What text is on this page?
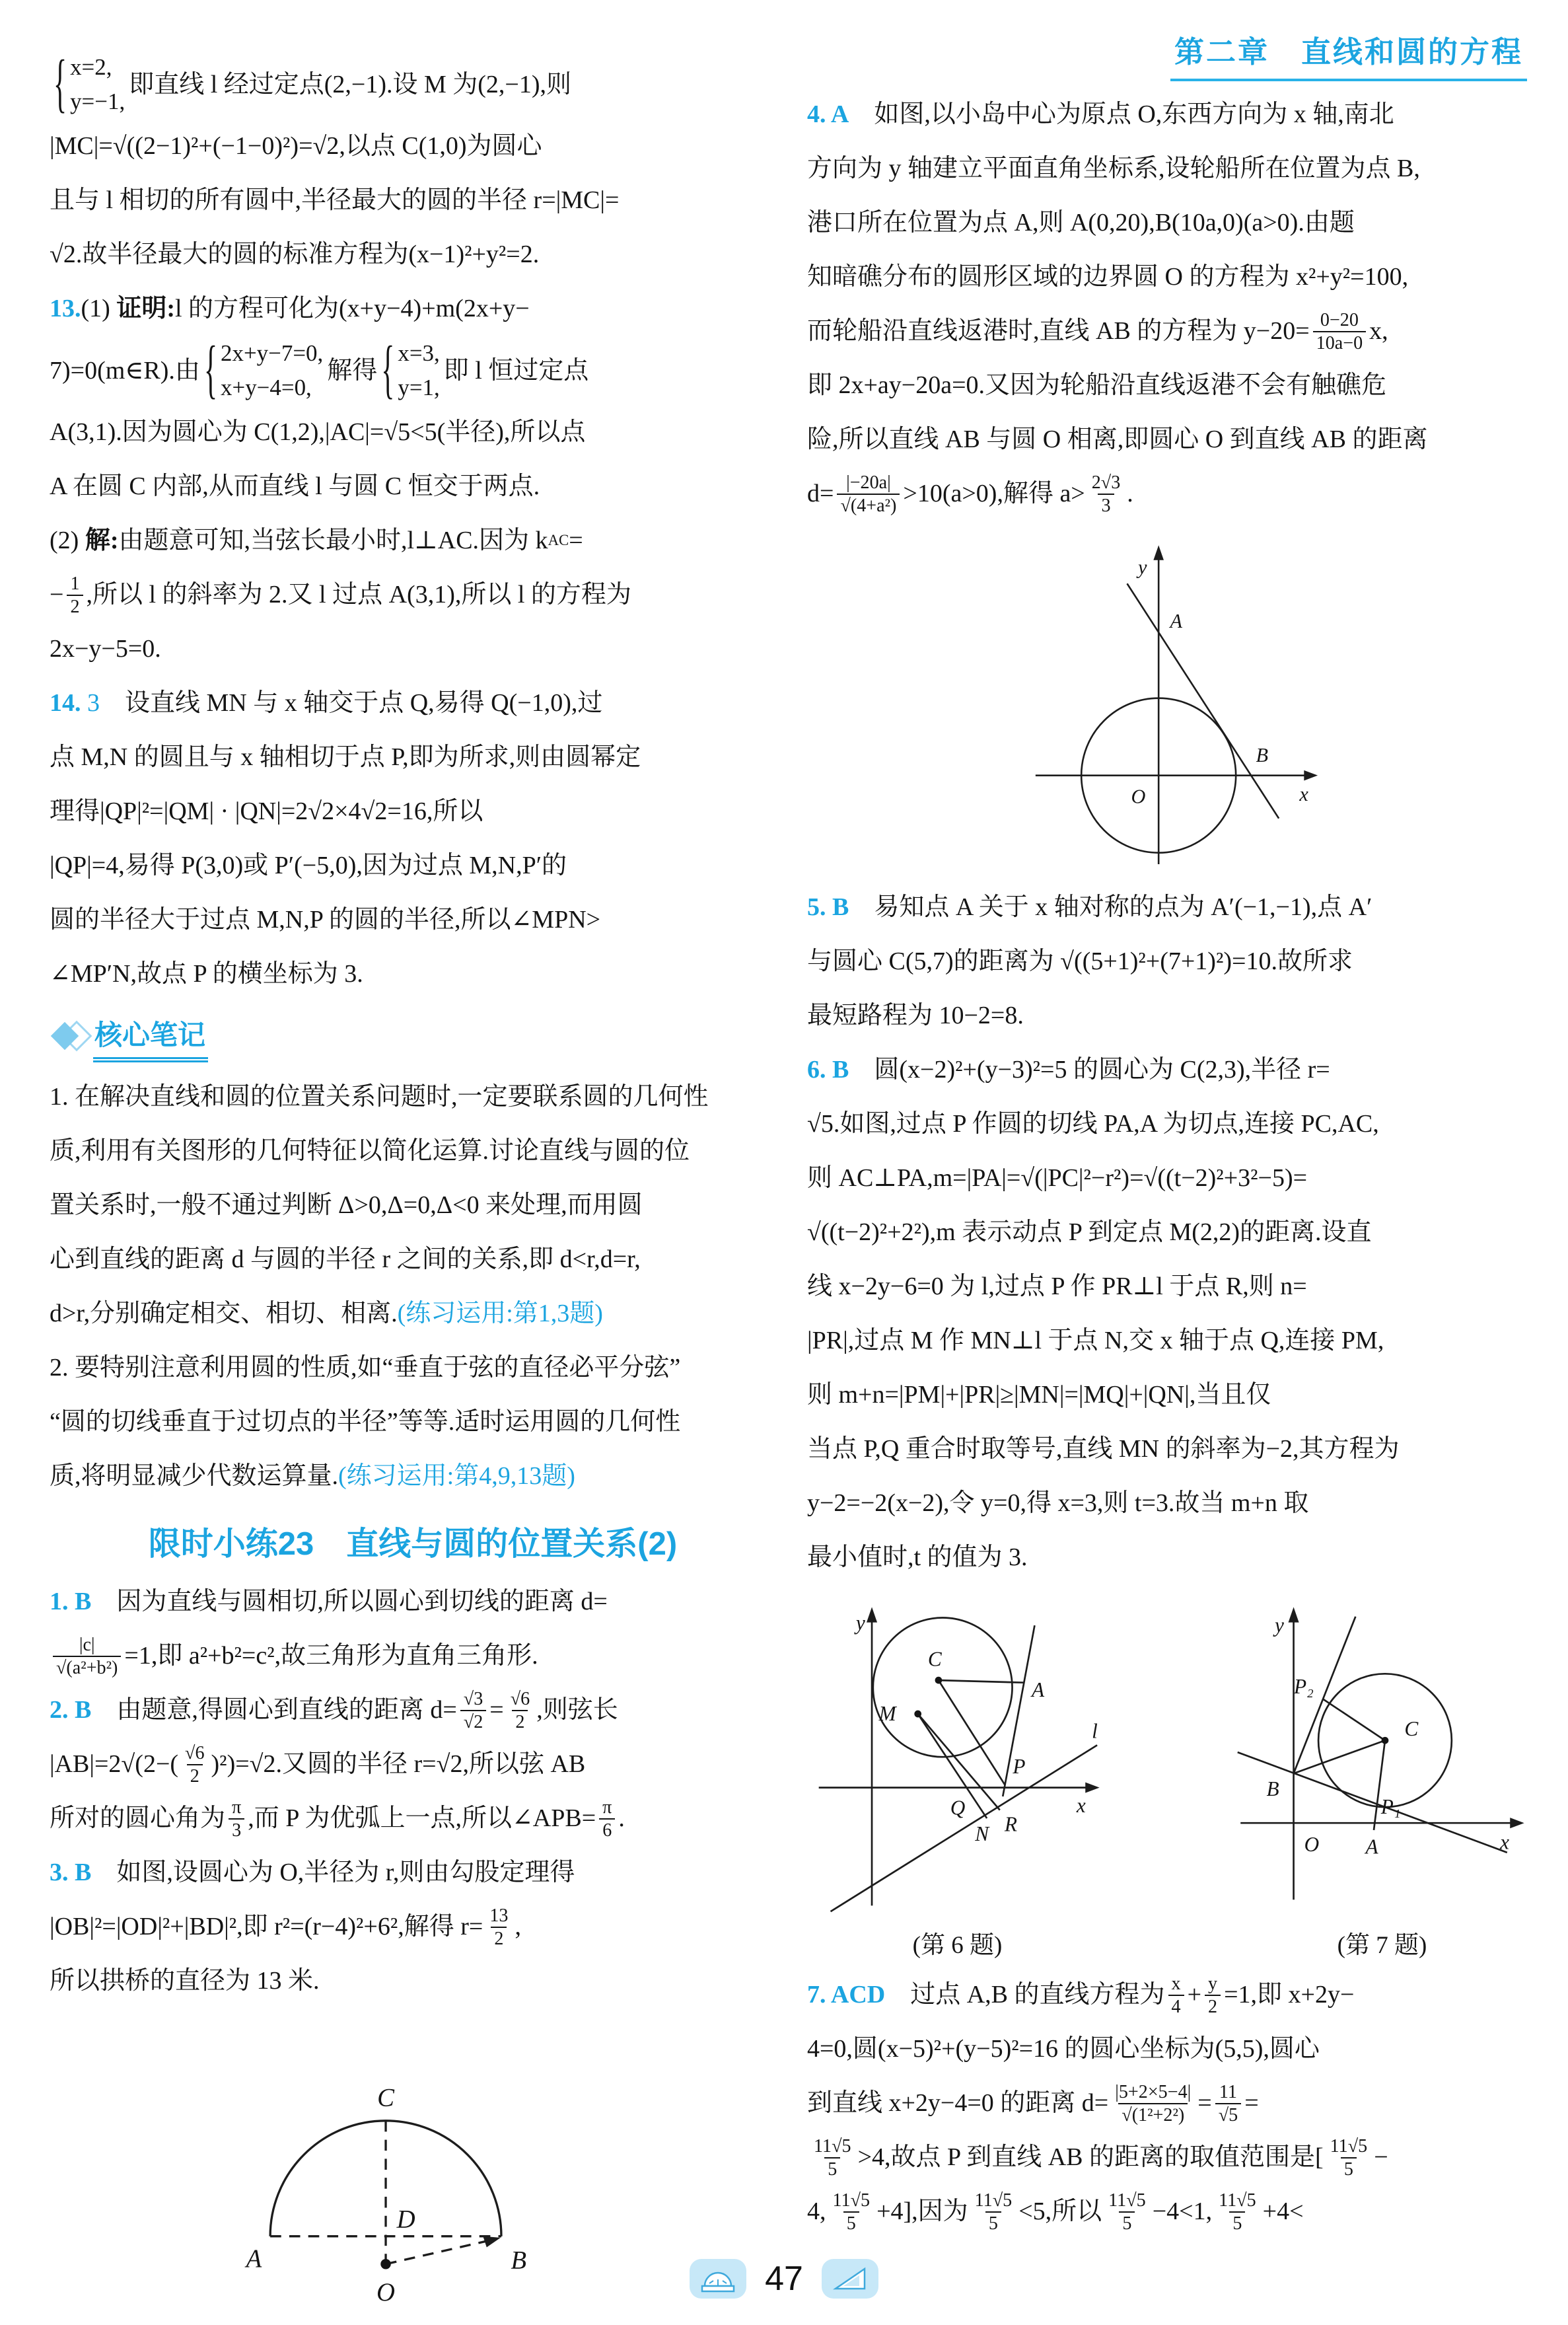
{ x=2,
y=−1,
即直线 l 经过定点(2,−1).设 M 为(2,−1),则
|MC|=√((2−1)²+(−1−0)²)=√2,以点 C(1,0)为圆心
且与 l 相切的所有圆中,半径最大的圆的半径 r=|MC|=
√2.故半径最大的圆的标准方程为(x−1)²+y²=2.
13. (1) 证明: l 的方程可化为(x+y−4)+m(2x+y−
7)=0(m∈R).由 { 2x+y−7=0,
x+y−4=0,
解得 { x=3,
y=1,
即 l 恒过定点
A(3,1).因为圆心为 C(1,2),|AC|=√5<5(半径),所以点
A 在圆 C 内部,从而直线 l 与圆 C 恒交于两点.
(2) 解: 由题意可知,当弦长最小时,l⊥AC.因为 k AC =
− $\frac{1}{2}$ ,所以 l 的斜率为 2.又 l 过点 A(3,1),所以 l 的方程为
2x−y−5=0.
14. 3 　设直线 MN 与 x 轴交于点 Q,易得 Q(−1,0),过
点 M,N 的圆且与 x 轴相切于点 P,即为所求,则由圆幂定
理得|QP|²=|QM| · |QN|=2√2×4√2=16,所以
|QP|=4,易得 P(3,0)或 P′(−5,0),因为过点 M,N,P′的
圆的半径大于过点 M,N,P 的圆的半径,所以∠MPN>
∠MP′N,故点 P 的横坐标为 3.
核心笔记
1. 在解决直线和圆的位置关系问题时,一定要联系圆的几何性
质,利用有关图形的几何特征以简化运算.讨论直线与圆的位
置关系时,一般不通过判断 Δ>0,Δ=0,Δ<0 来处理,而用圆
心到直线的距离 d 与圆的半径 r 之间的关系,即 d<r,d=r,
d>r,分别确定相交、相切、相离. (练习运用:第1,3题)
2. 要特别注意利用圆的性质,如“垂直于弦的直径必平分弦”
“圆的切线垂直于过切点的半径”等等.适时运用圆的几何性
质,将明显减少代数运算量. (练习运用:第4,9,13题)
限时小练23　直线与圆的位置关系(2)
1. B 　因为直线与圆相切,所以圆心到切线的距离 d=
$\frac{|c|}{\text{√(a²+b²)}} =1$,即 a²+b²=c²,故三角形为直角三角形.
2. B 　由题意,得圆心到直线的距离 $d= \frac{√3}{√2} = \frac{√6}{2}$ ,则弦长
$|AB|=2√(2-( \frac{√6}{2} )^2)=√2$.又圆的半径 r=√2,所以弦 AB
所对的圆心角为 $\frac{\pi}{3}$ ,而 P 为优弧上一点,所以∠APB= $\frac{\pi}{6}$ .
3. B 　如图,设圆心为 O,半径为 r,则由勾股定理得
|OB|²=|OD|²+|BD|²,即 r²=(r−4)²+6²,解得 $r= \frac{13}{2}$ ,
所以拱桥的直径为 13 米.
C
D
A	B
O
第二章　直线和圆的方程
4. A 　如图,以小岛中心为原点 O,东西方向为 x 轴,南北
方向为 y 轴建立平面直角坐标系,设轮船所在位置为点 B,
港口所在位置为点 A,则 A(0,20),B(10a,0)(a>0).由题
知暗礁分布的圆形区域的边界圆 O 的方程为 x²+y²=100,
而轮船沿直线返港时,直线 AB 的方程为 $y-20= \frac{0-20}{10a-0} x$,
即 2x+ay−20a=0.又因为轮船沿直线返港不会有触礁危
险,所以直线 AB 与圆 O 相离,即圆心 O 到直线 AB 的距离
$d= \frac{|-20a|}{\text{√(4+a²)}} >10(a>0)$,解得 $a> \frac{2√3}{3}$ .
y
A
B
x
O
5. B 　易知点 A 关于 x 轴对称的点为 A′(−1,−1),点 A′
与圆心 C(5,7)的距离为 √((5+1)²+(7+1)²)=10.故所求
最短路程为 10−2=8.
6. B 　圆(x−2)²+(y−3)²=5 的圆心为 C(2,3),半径 r=
√5.如图,过点 P 作圆的切线 PA,A 为切点,连接 PC,AC,
则 AC⊥PA,m=|PA|=√(|PC|²−r²)=√((t−2)²+3²−5)=
√((t−2)²+2²),m 表示动点 P 到定点 M(2,2)的距离.设直
线 x−2y−6=0 为 l,过点 P 作 PR⊥l 于点 R,则 n=
|PR|,过点 M 作 MN⊥l 于点 N,交 x 轴于点 Q,连接 PM,
则 m+n=|PM|+|PR|≥|MN|=|MQ|+|QN|,当且仅
当点 P,Q 重合时取等号,直线 MN 的斜率为−2,其方程为
y−2=−2(x−2),令 y=0,得 x=3,则 t=3.故当 m+n 取
最小值时,t 的值为 3.
y
C
M
A
P
Q
N R
l
x
(第 6 题)
y
P₂
C
B
P₁
O A	x
(第 7 题)
7. ACD 　过点 A,B 的直线方程为 $\frac{x}{4} + \frac{y}{2} =1$,即 x+2y−
4=0,圆(x−5)²+(y−5)²=16 的圆心坐标为(5,5),圆心
到直线 x+2y−4=0 的距离 $d= \frac{|5+2\times 5-4|}{\text{√(1²+2²)}} = \frac{11}{√5}$ =
$\frac{11√5}{5} >4$,故点 P 到直线 AB 的距离的取值范围是[ $\frac{11√5}{5}$ −
4, $\frac{11√5}{5} +4$],因为 $\frac{11√5}{5} <5$,所以 $\frac{11√5}{5} -4<1$, $\frac{11√5}{5} +4<$
47
